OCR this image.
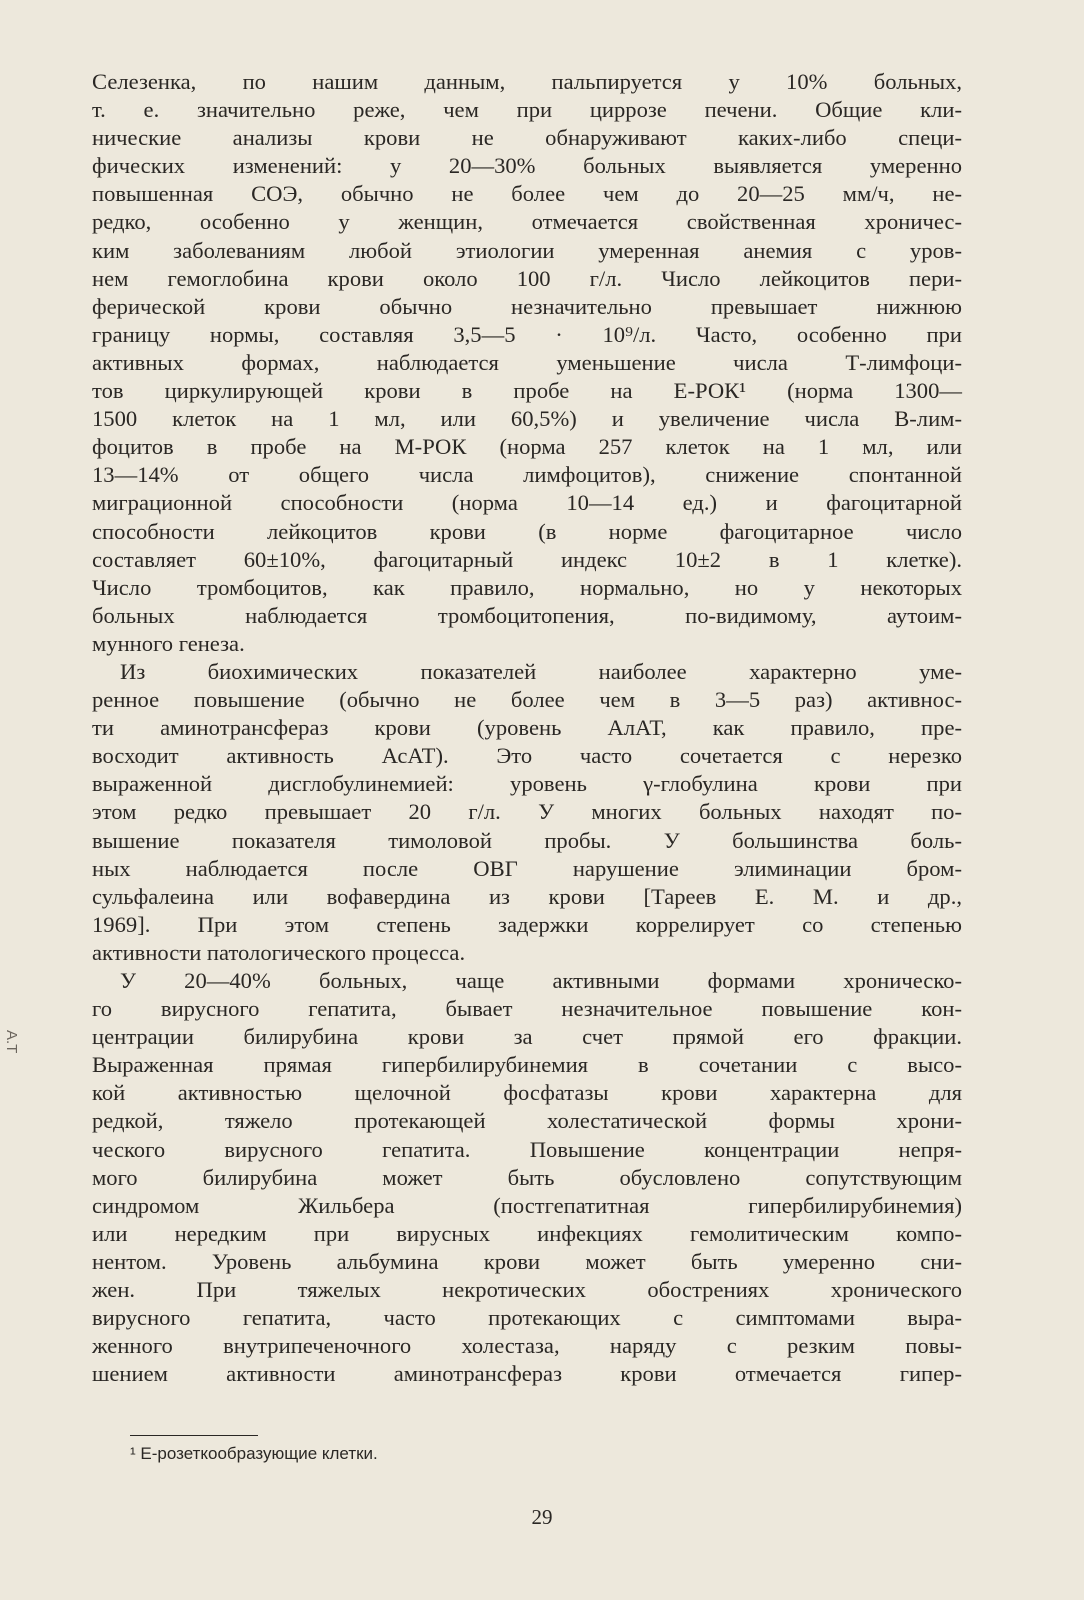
Селезенка, по нашим данным, пальпируется у 10% больных,
т. е. значительно реже, чем при циррозе печени. Общие кли-
нические анализы крови не обнаруживают каких-либо специ-
фических изменений: у 20—30% больных выявляется умеренно
повышенная СОЭ, обычно не более чем до 20—25 мм/ч, не-
редко, особенно у женщин, отмечается свойственная хроничес-
ким заболеваниям любой этиологии умеренная анемия с уров-
нем гемоглобина крови около 100 г/л. Число лейкоцитов пери-
ферической крови обычно незначительно превышает нижнюю
границу нормы, составляя 3,5—5 · 10⁹/л. Часто, особенно при
активных формах, наблюдается уменьшение числа Т-лимфоци-
тов циркулирующей крови в пробе на Е-РОК¹ (норма 1300—
1500 клеток на 1 мл, или 60,5%) и увеличение числа В-лим-
фоцитов в пробе на М-РОК (норма 257 клеток на 1 мл, или
13—14% от общего числа лимфоцитов), снижение спонтанной
миграционной способности (норма 10—14 ед.) и фагоцитарной
способности лейкоцитов крови (в норме фагоцитарное число
составляет 60±10%, фагоцитарный индекс 10±2 в 1 клетке).
Число тромбоцитов, как правило, нормально, но у некоторых
больных наблюдается тромбоцитопения, по-видимому, аутоим-
мунного генеза.
Из биохимических показателей наиболее характерно уме-
ренное повышение (обычно не более чем в 3—5 раз) активнос-
ти аминотрансфераз крови (уровень АлАТ, как правило, пре-
восходит активность АсАТ). Это часто сочетается с нерезко
выраженной дисглобулинемией: уровень γ-глобулина крови при
этом редко превышает 20 г/л. У многих больных находят по-
вышение показателя тимоловой пробы. У большинства боль-
ных наблюдается после ОВГ нарушение элиминации бром-
сульфалеина или вофавердина из крови [Тареев Е. М. и др.,
1969]. При этом степень задержки коррелирует со степенью
активности патологического процесса.
У 20—40% больных, чаще активными формами хроническо-
го вирусного гепатита, бывает незначительное повышение кон-
центрации билирубина крови за счет прямой его фракции.
Выраженная прямая гипербилирубинемия в сочетании с высо-
кой активностью щелочной фосфатазы крови характерна для
редкой, тяжело протекающей холестатической формы хрони-
ческого вирусного гепатита. Повышение концентрации непря-
мого билирубина может быть обусловлено сопутствующим
синдромом Жильбера (постгепатитная гипербилирубинемия)
или нередким при вирусных инфекциях гемолитическим компо-
нентом. Уровень альбумина крови может быть умеренно сни-
жен. При тяжелых некротических обострениях хронического
вирусного гепатита, часто протекающих с симптомами выра-
женного внутрипеченочного холестаза, наряду с резким повы-
шением активности аминотрансфераз крови отмечается гипер-
¹ Е-розеткообразующие клетки.
29
А.Т
